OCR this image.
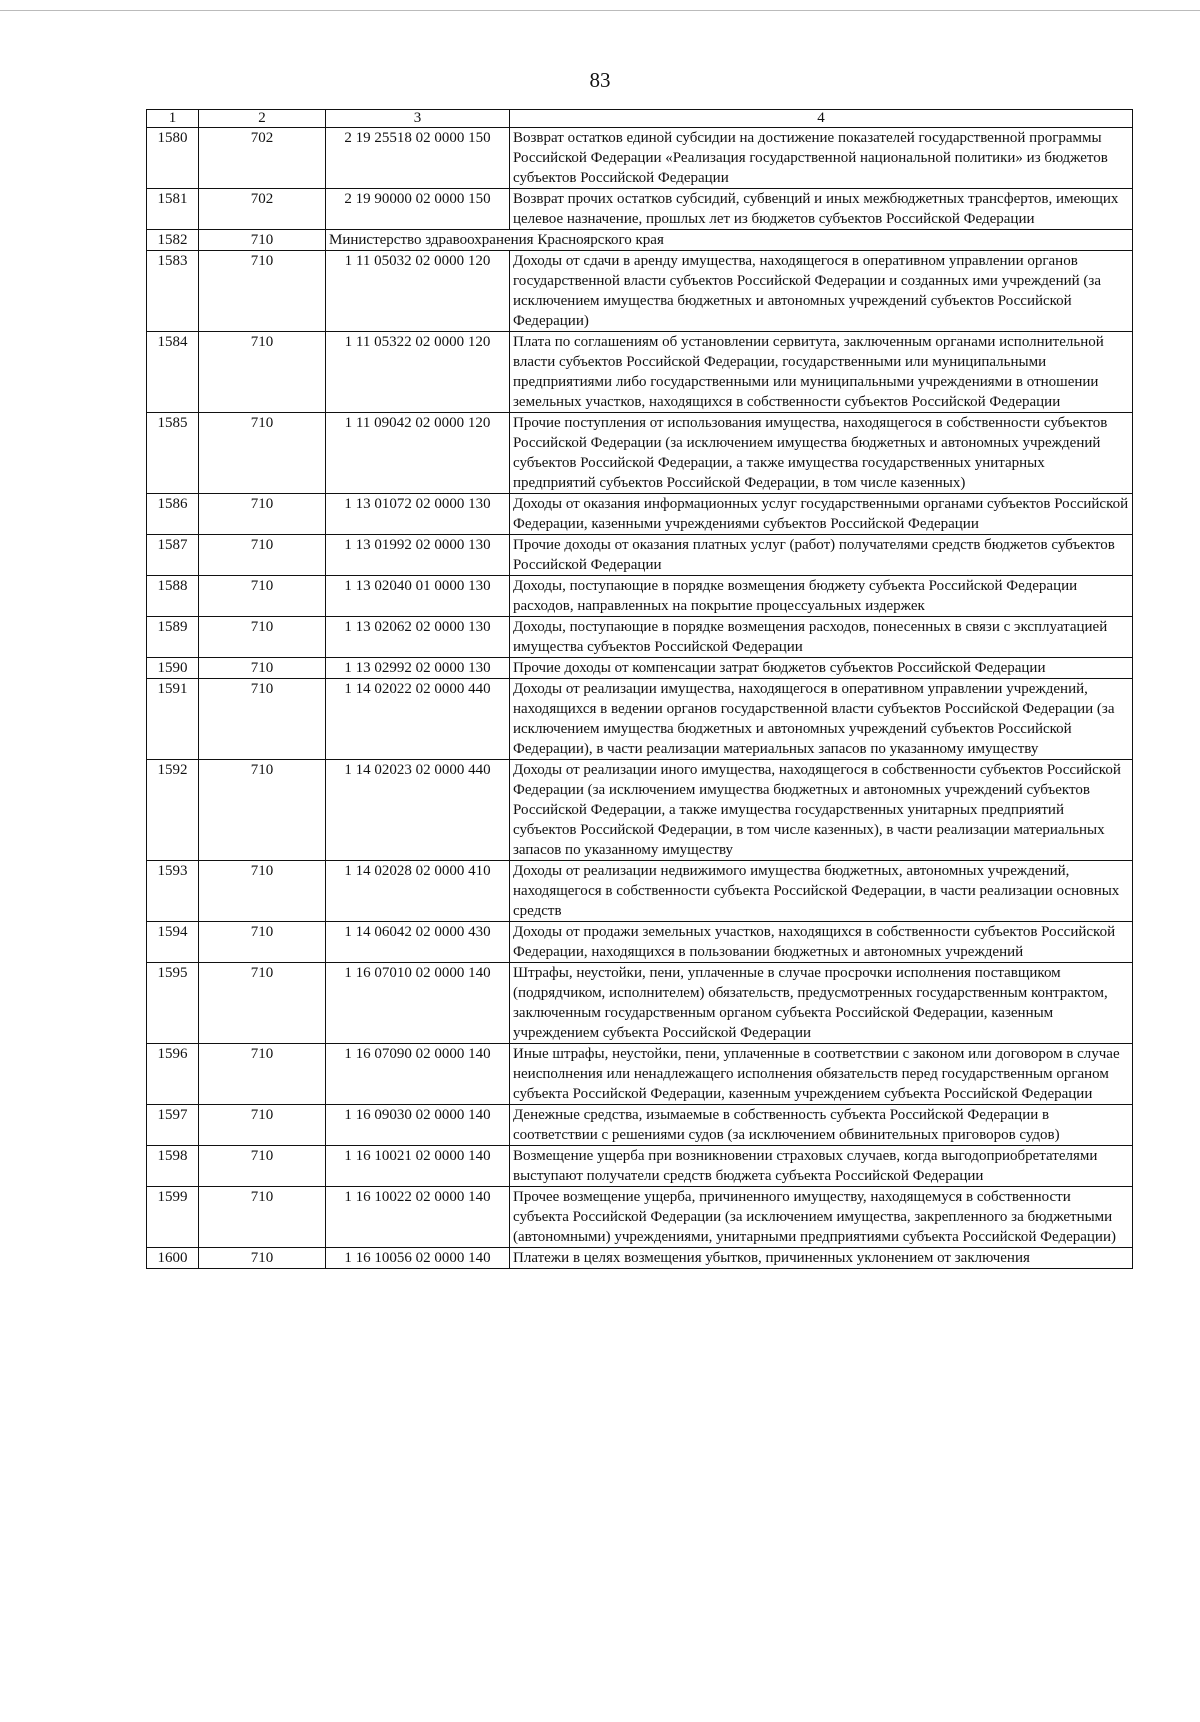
83
1	2	3	4
1580	702	2 19 25518 02 0000 150	Возврат остатков единой субсидии на достижение показателей государственной программы Российской Федерации «Реализация государственной национальной политики» из бюджетов субъектов Российской Федерации
1581	702	2 19 90000 02 0000 150	Возврат прочих остатков субсидий, субвенций и иных межбюджетных трансфертов, имеющих целевое назначение, прошлых лет из бюджетов субъектов Российской Федерации
1582	710	Министерство здравоохранения Красноярского края	
1583	710	1 11 05032 02 0000 120	Доходы от сдачи в аренду имущества, находящегося в оперативном управлении органов государственной власти субъектов Российской Федерации и созданных ими учреждений (за исключением имущества бюджетных и автономных учреждений субъектов Российской Федерации)
1584	710	1 11 05322 02 0000 120	Плата по соглашениям об установлении сервитута, заключенным органами исполнительной власти субъектов Российской Федерации, государственными или муниципальными предприятиями либо государственными или муниципальными учреждениями в отношении земельных участков, находящихся в собственности субъектов Российской Федерации
1585	710	1 11 09042 02 0000 120	Прочие поступления от использования имущества, находящегося в собственности субъектов Российской Федерации (за исключением имущества бюджетных и автономных учреждений субъектов Российской Федерации, а также имущества государственных унитарных предприятий субъектов Российской Федерации, в том числе казенных)
1586	710	1 13 01072 02 0000 130	Доходы от оказания информационных услуг государственными органами субъектов Российской Федерации, казенными учреждениями субъектов Российской Федерации
1587	710	1 13 01992 02 0000 130	Прочие доходы от оказания платных услуг (работ) получателями средств бюджетов субъектов Российской Федерации
1588	710	1 13 02040 01 0000 130	Доходы, поступающие в порядке возмещения бюджету субъекта Российской Федерации расходов, направленных на покрытие процессуальных издержек
1589	710	1 13 02062 02 0000 130	Доходы, поступающие в порядке возмещения расходов, понесенных в связи с эксплуатацией имущества субъектов Российской Федерации
1590	710	1 13 02992 02 0000 130	Прочие доходы от компенсации затрат бюджетов субъектов Российской Федерации
1591	710	1 14 02022 02 0000 440	Доходы от реализации имущества, находящегося в оперативном управлении учреждений, находящихся в ведении органов государственной власти субъектов Российской Федерации (за исключением имущества бюджетных и автономных учреждений субъектов Российской Федерации), в части реализации материальных запасов по указанному имуществу
1592	710	1 14 02023 02 0000 440	Доходы от реализации иного имущества, находящегося в собственности субъектов Российской Федерации (за исключением имущества бюджетных и автономных учреждений субъектов Российской Федерации, а также имущества государственных унитарных предприятий субъектов Российской Федерации, в том числе казенных), в части реализации материальных запасов по указанному имуществу
1593	710	1 14 02028 02 0000 410	Доходы от реализации недвижимого имущества бюджетных, автономных учреждений, находящегося в собственности субъекта Российской Федерации, в части реализации основных средств
1594	710	1 14 06042 02 0000 430	Доходы от продажи земельных участков, находящихся в собственности субъектов Российской Федерации, находящихся в пользовании бюджетных и автономных учреждений
1595	710	1 16 07010 02 0000 140	Штрафы, неустойки, пени, уплаченные в случае просрочки исполнения поставщиком (подрядчиком, исполнителем) обязательств, предусмотренных государственным контрактом, заключенным государственным органом субъекта Российской Федерации, казенным учреждением субъекта Российской Федерации
1596	710	1 16 07090 02 0000 140	Иные штрафы, неустойки, пени, уплаченные в соответствии с законом или договором в случае неисполнения или ненадлежащего исполнения обязательств перед государственным органом субъекта Российской Федерации, казенным учреждением субъекта Российской Федерации
1597	710	1 16 09030 02 0000 140	Денежные средства, изымаемые в собственность субъекта Российской Федерации в соответствии с решениями судов (за исключением обвинительных приговоров судов)
1598	710	1 16 10021 02 0000 140	Возмещение ущерба при возникновении страховых случаев, когда выгодоприобретателями выступают получатели средств бюджета субъекта Российской Федерации
1599	710	1 16 10022 02 0000 140	Прочее возмещение ущерба, причиненного имуществу, находящемуся в собственности субъекта Российской Федерации (за исключением имущества, закрепленного за бюджетными (автономными) учреждениями, унитарными предприятиями субъекта Российской Федерации)
1600	710	1 16 10056 02 0000 140	Платежи в целях возмещения убытков, причиненных уклонением от заключения
